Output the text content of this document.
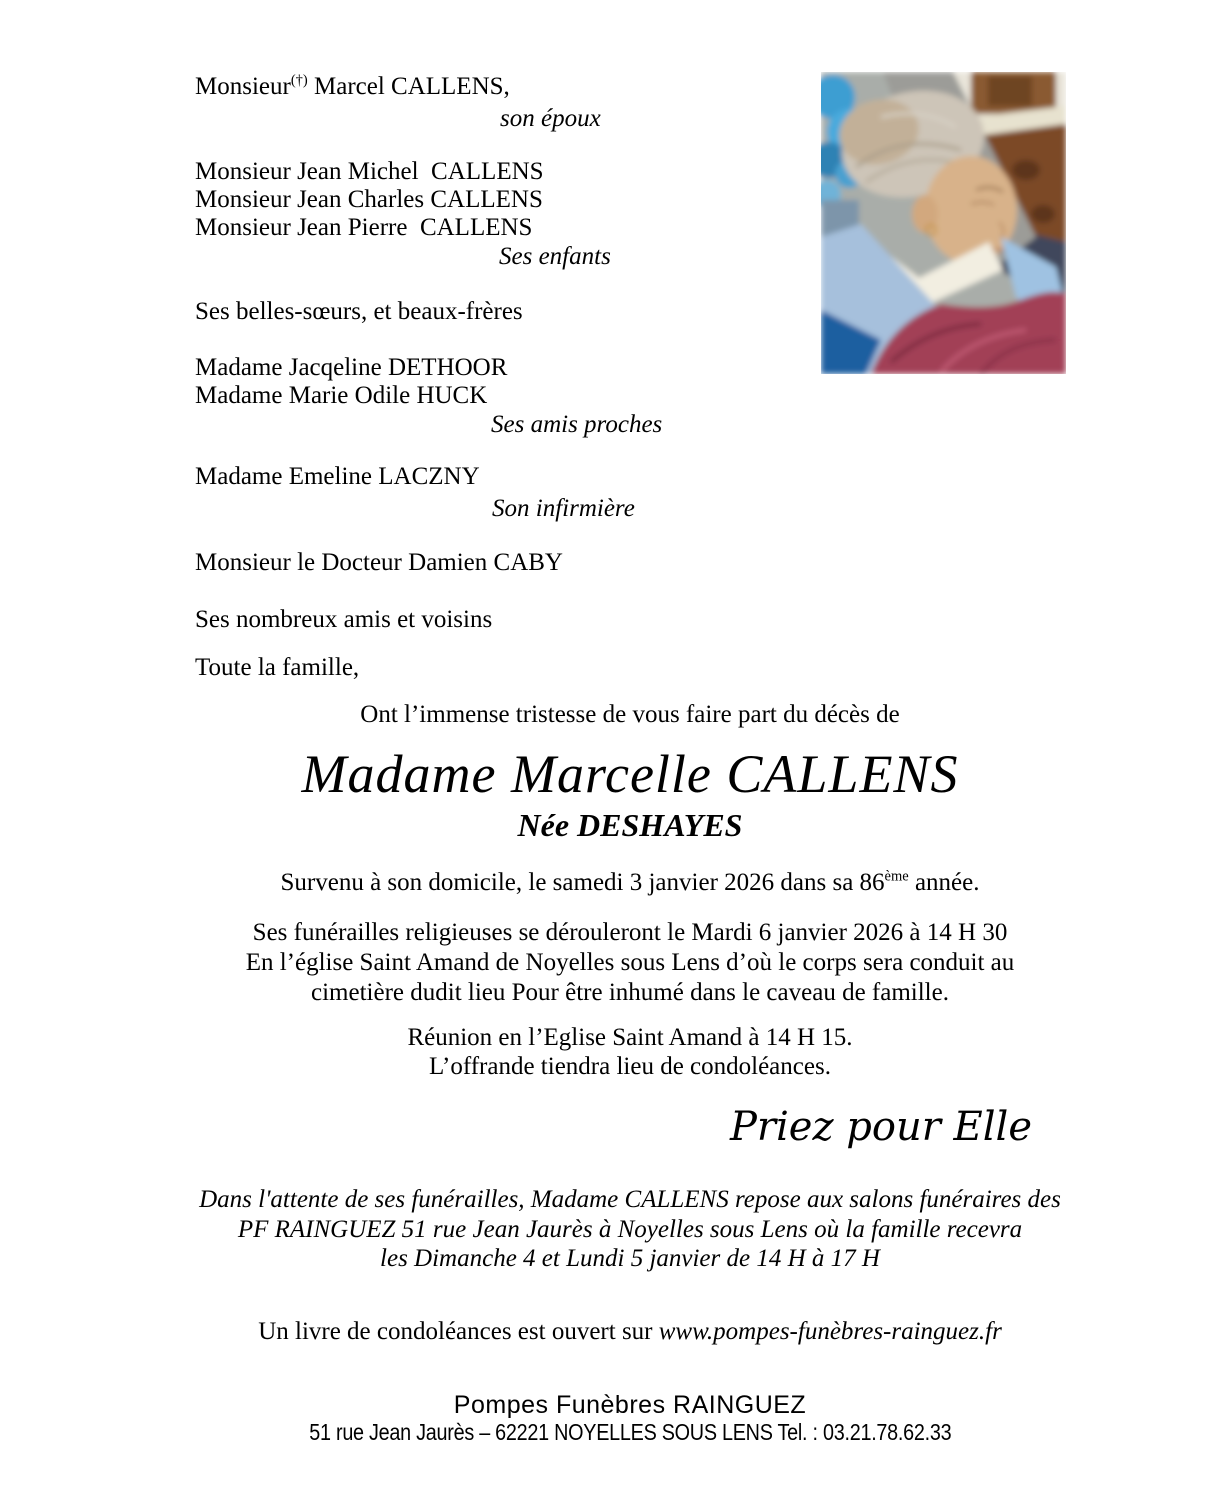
Monsieur(†) Marcel CALLENS,
son époux
Monsieur Jean Michel  CALLENS
Monsieur Jean Charles CALLENS
Monsieur Jean Pierre  CALLENS
Ses enfants
Ses belles-sœurs, et beaux-frères
Madame Jacqeline DETHOOR
Madame Marie Odile HUCK
Ses amis proches
Madame Emeline LACZNY
Son infirmière
Monsieur le Docteur Damien CABY
Ses nombreux amis et voisins
Toute la famille,
Ont l’immense tristesse de vous faire part du décès de
Madame Marcelle CALLENS
Née DESHAYES
Survenu à son domicile, le samedi 3 janvier 2026 dans sa 86ème année.
Ses funérailles religieuses se dérouleront le Mardi 6 janvier 2026 à 14 H 30
En l’église Saint Amand de Noyelles sous Lens d’où le corps sera conduit au
cimetière dudit lieu Pour être inhumé dans le caveau de famille.
Réunion en l’Eglise Saint Amand à 14 H 15.
L’offrande tiendra lieu de condoléances.
Priez pour Elle
Dans l'attente de ses funérailles, Madame CALLENS repose aux salons funéraires des
PF RAINGUEZ 51 rue Jean Jaurès à Noyelles sous Lens où la famille recevra
les Dimanche 4 et Lundi 5 janvier de 14 H à 17 H
Un livre de condoléances est ouvert sur www.pompes-funèbres-rainguez.fr
Pompes Funèbres RAINGUEZ
51 rue Jean Jaurès – 62221 NOYELLES SOUS LENS Tel. : 03.21.78.62.33
